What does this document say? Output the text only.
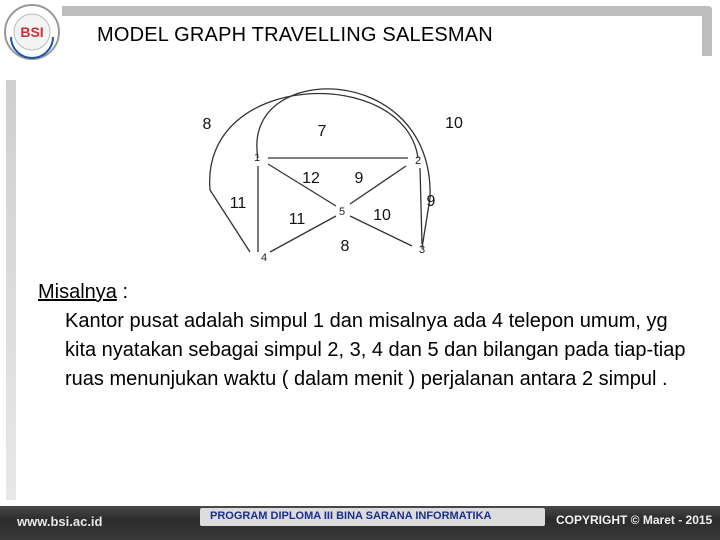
BSI	MODEL GRAPH TRAVELLING SALESMAN
1	2
3
4
5
7
12
11
9
9
11	10
8
10
8
Misalnya :
Kantor pusat adalah simpul 1 dan misalnya ada 4 telepon umum, yg kita nyatakan sebagai simpul 2, 3, 4 dan 5 dan bilangan pada tiap-tiap ruas menunjukan waktu ( dalam menit ) perjalanan antara 2 simpul .
www.bsi.ac.id	PROGRAM DIPLOMA III BINA SARANA INFORMATIKA	COPYRIGHT © Maret - 2015
